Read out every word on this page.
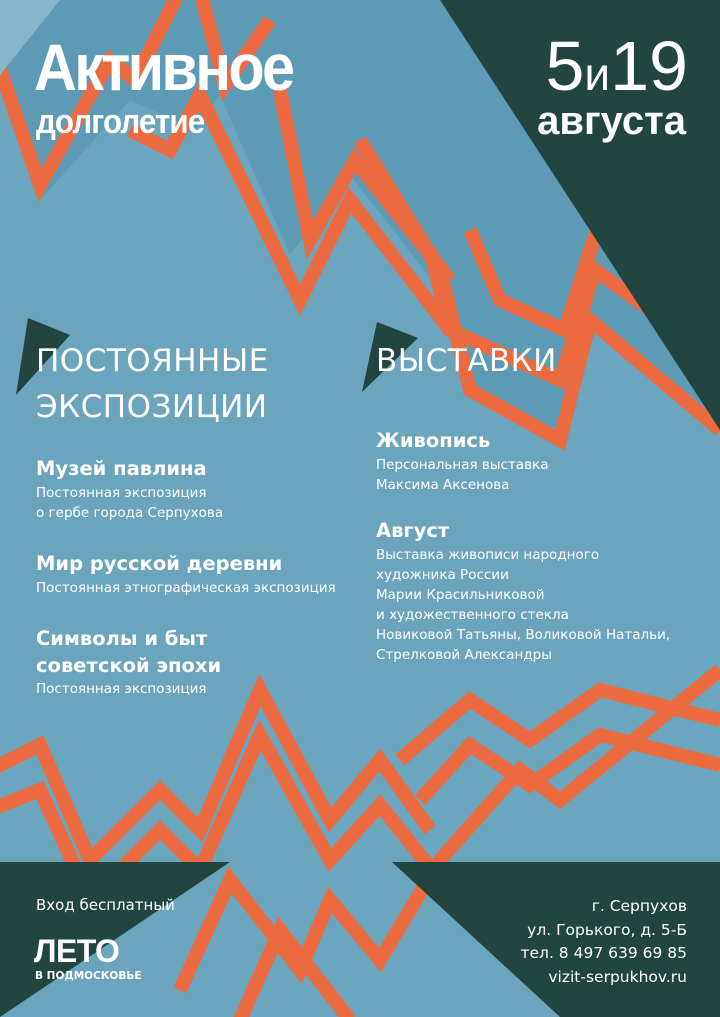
Активное
долголетие
5и19
августа
ПОСТОЯННЫЕ
ЭКСПОЗИЦИИ
Музей павлина
Постоянная экспозиция
о гербе города Серпухова
Мир русской деревни
Постоянная этнографическая экспозиция
Символы и быт
советской эпохи
Постоянная экспозиция
ВЫСТАВКИ
Живопись
Персональная выставка
Максима Аксенова
Август
Выставка живописи народного
художника России
Марии Красильниковой
и художественного стекла
Новиковой Татьяны, Воликовой Натальи,
Стрелковой Александры
Вход бесплатный
ЛЕТО
В ПОДМОСКОВЬЕ
г. Серпухов
ул. Горького, д. 5-Б
тел. 8 497 639 69 85
vizit-serpukhov.ru
